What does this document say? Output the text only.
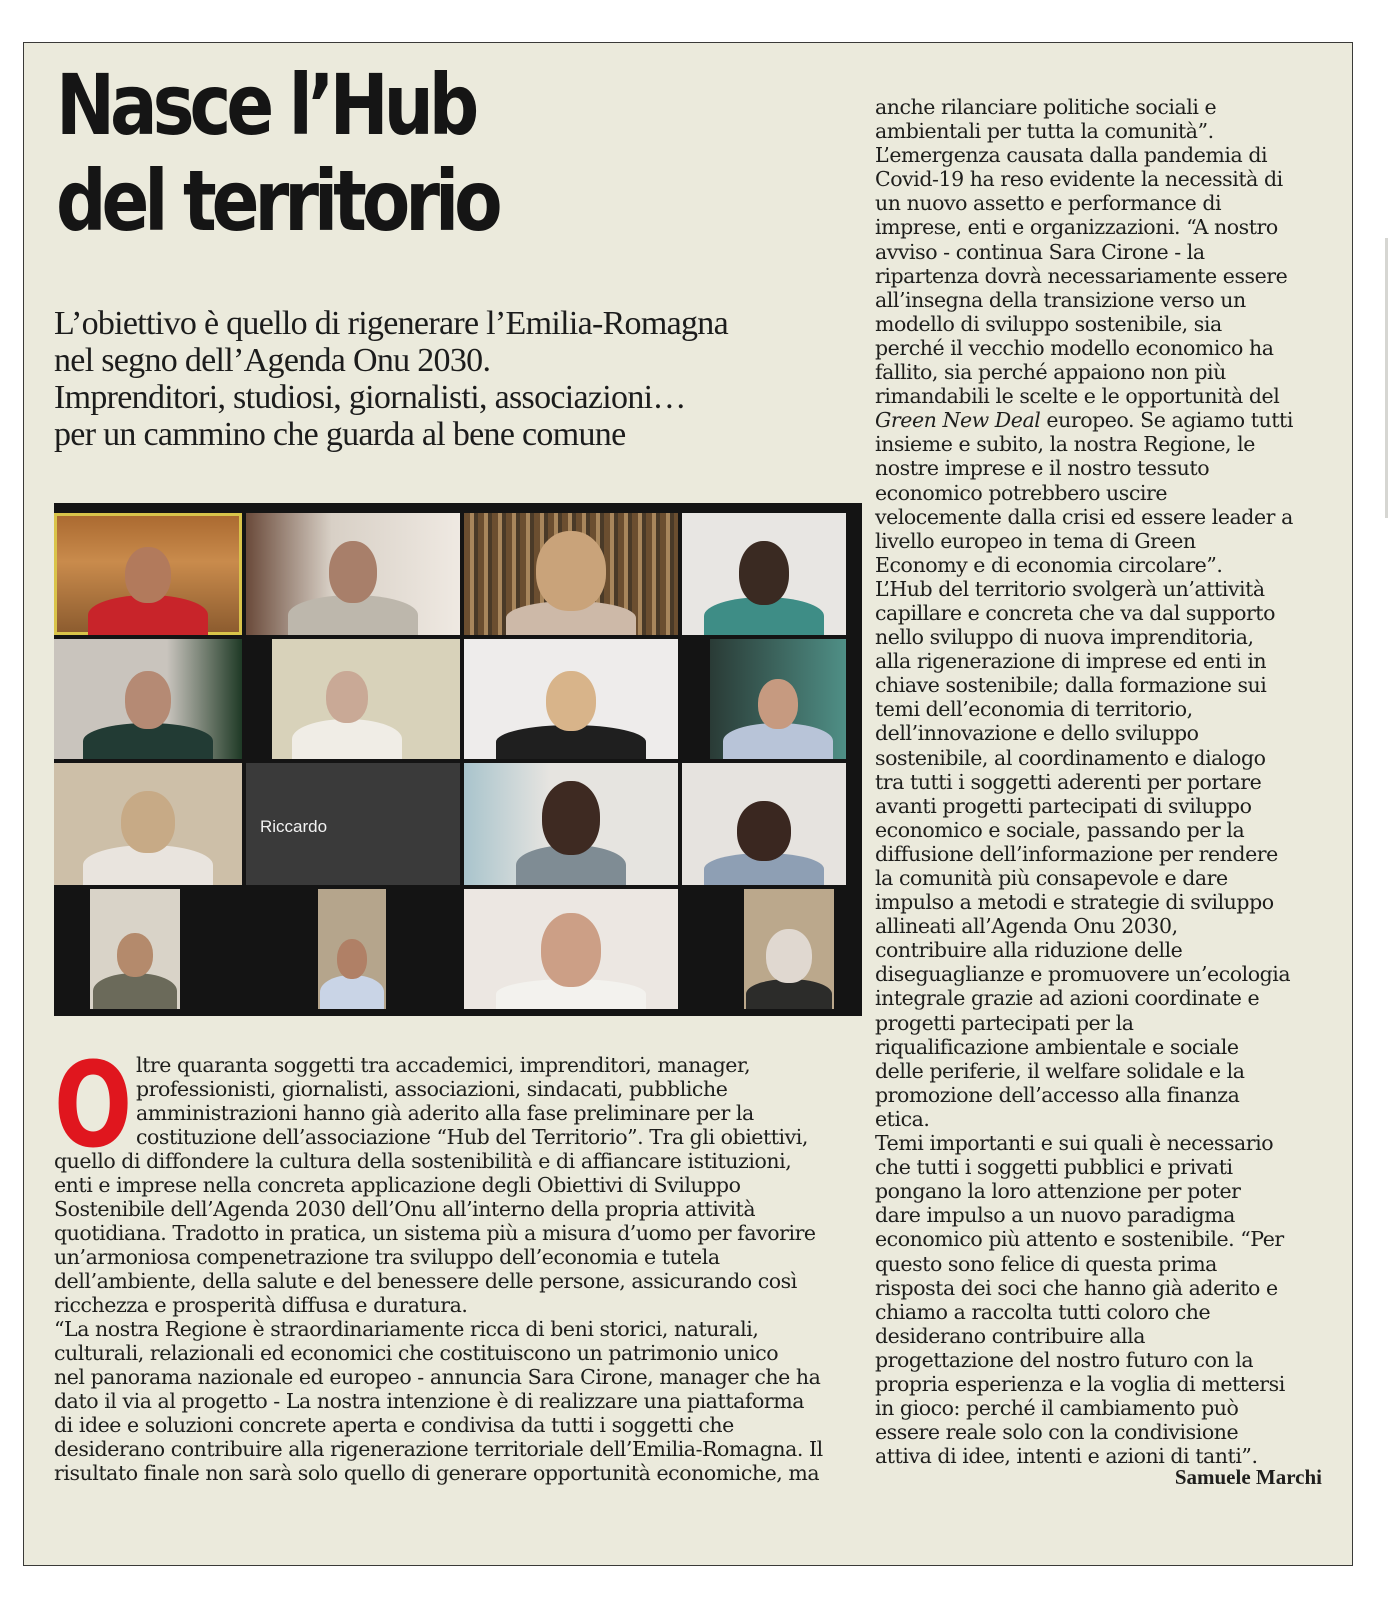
Nasce l’Hub
del territorio

L’obiettivo è quello di rigenerare l’Emilia-Romagna
nel segno dell’Agenda Onu 2030.
Imprenditori, studiosi, giornalisti, associazioni…
per un cammino che guarda al bene comune

Riccardo
O ltre quaranta soggetti tra accademici, imprenditori, manager,
professionisti, giornalisti, associazioni, sindacati, pubbliche
amministrazioni hanno già aderito alla fase preliminare per la
costituzione dell’associazione “Hub del Territorio”. Tra gli obiettivi,
quello di diffondere la cultura della sostenibilità e di affiancare istituzioni,
enti e imprese nella concreta applicazione degli Obiettivi di Sviluppo
Sostenibile dell’Agenda 2030 dell’Onu all’interno della propria attività
quotidiana. Tradotto in pratica, un sistema più a misura d’uomo per favorire
un’armoniosa compenetrazione tra sviluppo dell’economia e tutela
dell’ambiente, della salute e del benessere delle persone, assicurando così
ricchezza e prosperità diffusa e duratura.
“La nostra Regione è straordinariamente ricca di beni storici, naturali,
culturali, relazionali ed economici che costituiscono un patrimonio unico
nel panorama nazionale ed europeo - annuncia Sara Cirone, manager che ha
dato il via al progetto - La nostra intenzione è di realizzare una piattaforma
di idee e soluzioni concrete aperta e condivisa da tutti i soggetti che
desiderano contribuire alla rigenerazione territoriale dell’Emilia-Romagna. Il
risultato finale non sarà solo quello di generare opportunità economiche, ma
anche rilanciare politiche sociali e
ambientali per tutta la comunità”.
L’emergenza causata dalla pandemia di
Covid-19 ha reso evidente la necessità di
un nuovo assetto e performance di
imprese, enti e organizzazioni. “A nostro
avviso - continua Sara Cirone - la
ripartenza dovrà necessariamente essere
all’insegna della transizione verso un
modello di sviluppo sostenibile, sia
perché il vecchio modello economico ha
fallito, sia perché appaiono non più
rimandabili le scelte e le opportunità del
Green New Deal europeo. Se agiamo tutti
insieme e subito, la nostra Regione, le
nostre imprese e il nostro tessuto
economico potrebbero uscire
velocemente dalla crisi ed essere leader a
livello europeo in tema di Green
Economy e di economia circolare”.
L’Hub del territorio svolgerà un’attività
capillare e concreta che va dal supporto
nello sviluppo di nuova imprenditoria,
alla rigenerazione di imprese ed enti in
chiave sostenibile; dalla formazione sui
temi dell’economia di territorio,
dell’innovazione e dello sviluppo
sostenibile, al coordinamento e dialogo
tra tutti i soggetti aderenti per portare
avanti progetti partecipati di sviluppo
economico e sociale, passando per la
diffusione dell’informazione per rendere
la comunità più consapevole e dare
impulso a metodi e strategie di sviluppo
allineati all’Agenda Onu 2030,
contribuire alla riduzione delle
diseguaglianze e promuovere un’ecologia
integrale grazie ad azioni coordinate e
progetti partecipati per la
riqualificazione ambientale e sociale
delle periferie, il welfare solidale e la
promozione dell’accesso alla finanza
etica.
Temi importanti e sui quali è necessario
che tutti i soggetti pubblici e privati
pongano la loro attenzione per poter
dare impulso a un nuovo paradigma
economico più attento e sostenibile. “Per
questo sono felice di questa prima
risposta dei soci che hanno già aderito e
chiamo a raccolta tutti coloro che
desiderano contribuire alla
progettazione del nostro futuro con la
propria esperienza e la voglia di mettersi
in gioco: perché il cambiamento può
essere reale solo con la condivisione
attiva di idee, intenti e azioni di tanti”.
Samuele Marchi
